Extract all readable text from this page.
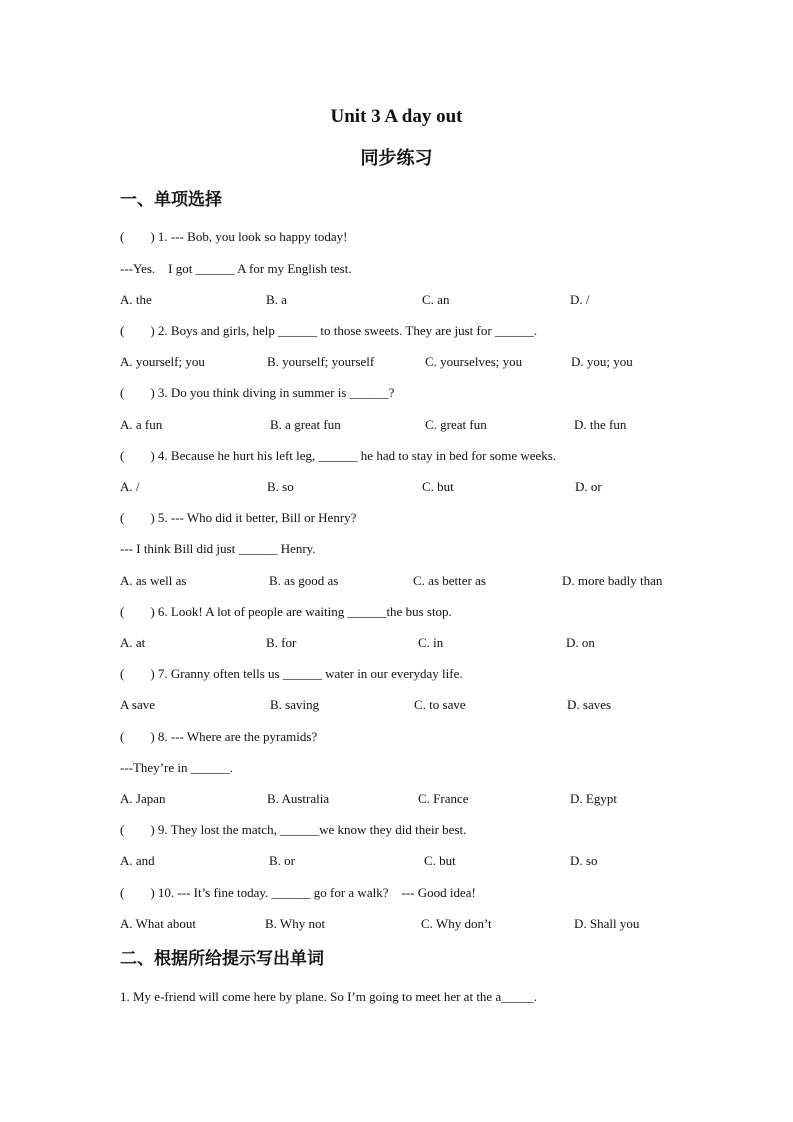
Unit 3 A day out
同步练习
一、单项选择
(        ) 1. --- Bob, you look so happy today!
---Yes.    I got ______ A for my English test.
A. the	B. a	C. an	D. /
(        ) 2. Boys and girls, help ______ to those sweets. They are just for ______.
A. yourself; you	B. yourself; yourself	C. yourselves; you	D. you; you
(        ) 3. Do you think diving in summer is ______?
A. a fun	B. a great fun	C. great fun	D. the fun
(        ) 4. Because he hurt his left leg, ______ he had to stay in bed for some weeks.
A. /	B. so	C. but	D. or
(        ) 5. --- Who did it better, Bill or Henry?
--- I think Bill did just ______ Henry.
A. as well as	B. as good as	C. as better as	D. more badly than
(        ) 6. Look! A lot of people are waiting ______the bus stop.
A. at	B. for	C. in	D. on
(        ) 7. Granny often tells us ______ water in our everyday life.
A save	B. saving	C. to save	D. saves
(        ) 8. --- Where are the pyramids?
---They’re in ______.
A. Japan	B. Australia	C. France	D. Egypt
(        ) 9. They lost the match, ______we know they did their best.
A. and	B. or	C. but	D. so
(        ) 10. --- It’s fine today. ______ go for a walk?    --- Good idea!
A. What about	B. Why not	C. Why don’t	D. Shall you
二、根据所给提示写出单词
1. My e-friend will come here by plane. So I’m going to meet her at the a_____.
